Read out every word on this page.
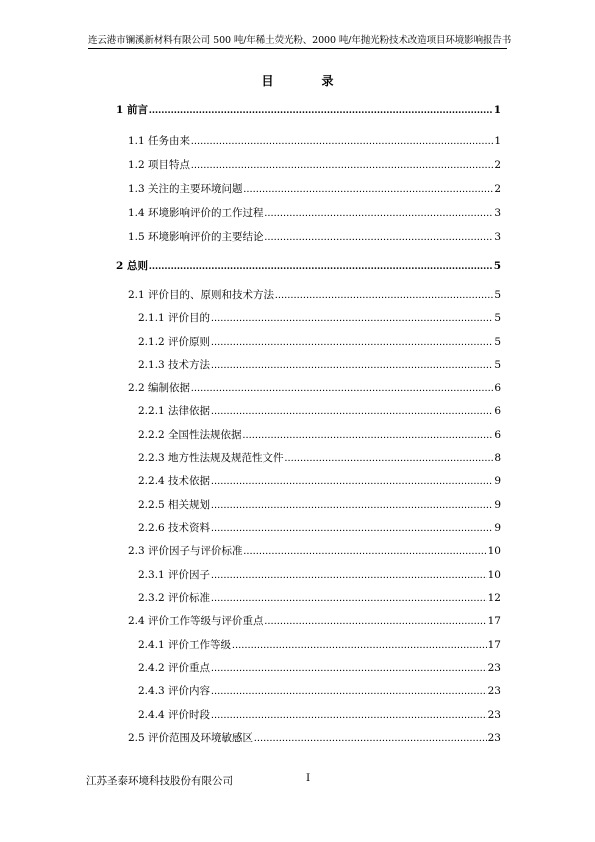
连云港市镧溪新材料有限公司 500 吨/年稀土荧光粉、2000 吨/年抛光粉技术改造项目环境影响报告书
目　录
1 前言 .....	1
1.1 任务由来 .....	1
1.2 项目特点 .....	2
1.3 关注的主要环境问题 .....	2
1.4 环境影响评价的工作过程 .....	3
1.5 环境影响评价的主要结论 .....	3
2 总则 .....	5
2.1 评价目的、原则和技术方法 .....	5
2.1.1 评价目的 .....	5
2.1.2 评价原则 .....	5
2.1.3 技术方法 .....	5
2.2 编制依据 .....	6
2.2.1 法律依据 .....	6
2.2.2 全国性法规依据 .....	6
2.2.3 地方性法规及规范性文件 .....	8
2.2.4 技术依据 .....	9
2.2.5 相关规划 .....	9
2.2.6 技术资料 .....	9
2.3 评价因子与评价标准 .....	10
2.3.1 评价因子 .....	10
2.3.2 评价标准 .....	12
2.4 评价工作等级与评价重点 .....	17
2.4.1 评价工作等级 .....	17
2.4.2 评价重点 .....	23
2.4.3 评价内容 .....	23
2.4.4 评价时段 .....	23
2.5 评价范围及环境敏感区 .....	23
江苏圣泰环境科技股份有限公司	I
